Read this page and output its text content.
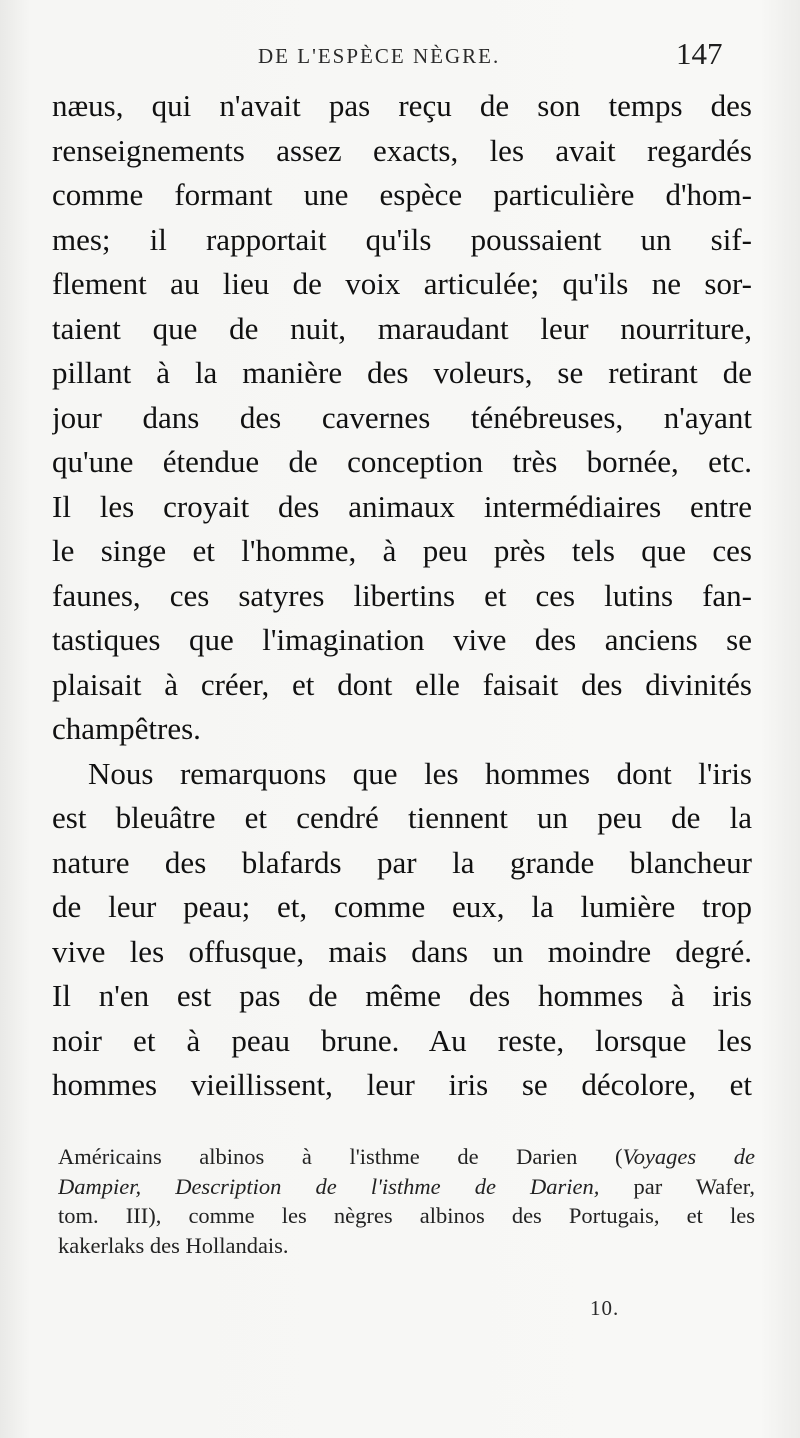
DE L'ESPÈCE NÈGRE.	147
næus, qui n'avait pas reçu de son temps des
renseignements assez exacts, les avait regardés
comme formant une espèce particulière d'hom-
mes; il rapportait qu'ils poussaient un sif-
flement au lieu de voix articulée; qu'ils ne sor-
taient que de nuit, maraudant leur nourriture,
pillant à la manière des voleurs, se retirant de
jour dans des cavernes ténébreuses, n'ayant
qu'une étendue de conception très bornée, etc.
Il les croyait des animaux intermédiaires entre
le singe et l'homme, à peu près tels que ces
faunes, ces satyres libertins et ces lutins fan-
tastiques que l'imagination vive des anciens se
plaisait à créer, et dont elle faisait des divinités
champêtres.
Nous remarquons que les hommes dont l'iris
est bleuâtre et cendré tiennent un peu de la
nature des blafards par la grande blancheur
de leur peau; et, comme eux, la lumière trop
vive les offusque, mais dans un moindre degré.
Il n'en est pas de même des hommes à iris
noir et à peau brune. Au reste, lorsque les
hommes vieillissent, leur iris se décolore, et
Américains albinos à l'isthme de Darien (Voyages de
Dampier, Description de l'isthme de Darien, par Wafer,
tom. III), comme les nègres albinos des Portugais, et les
kakerlaks des Hollandais.
10.
